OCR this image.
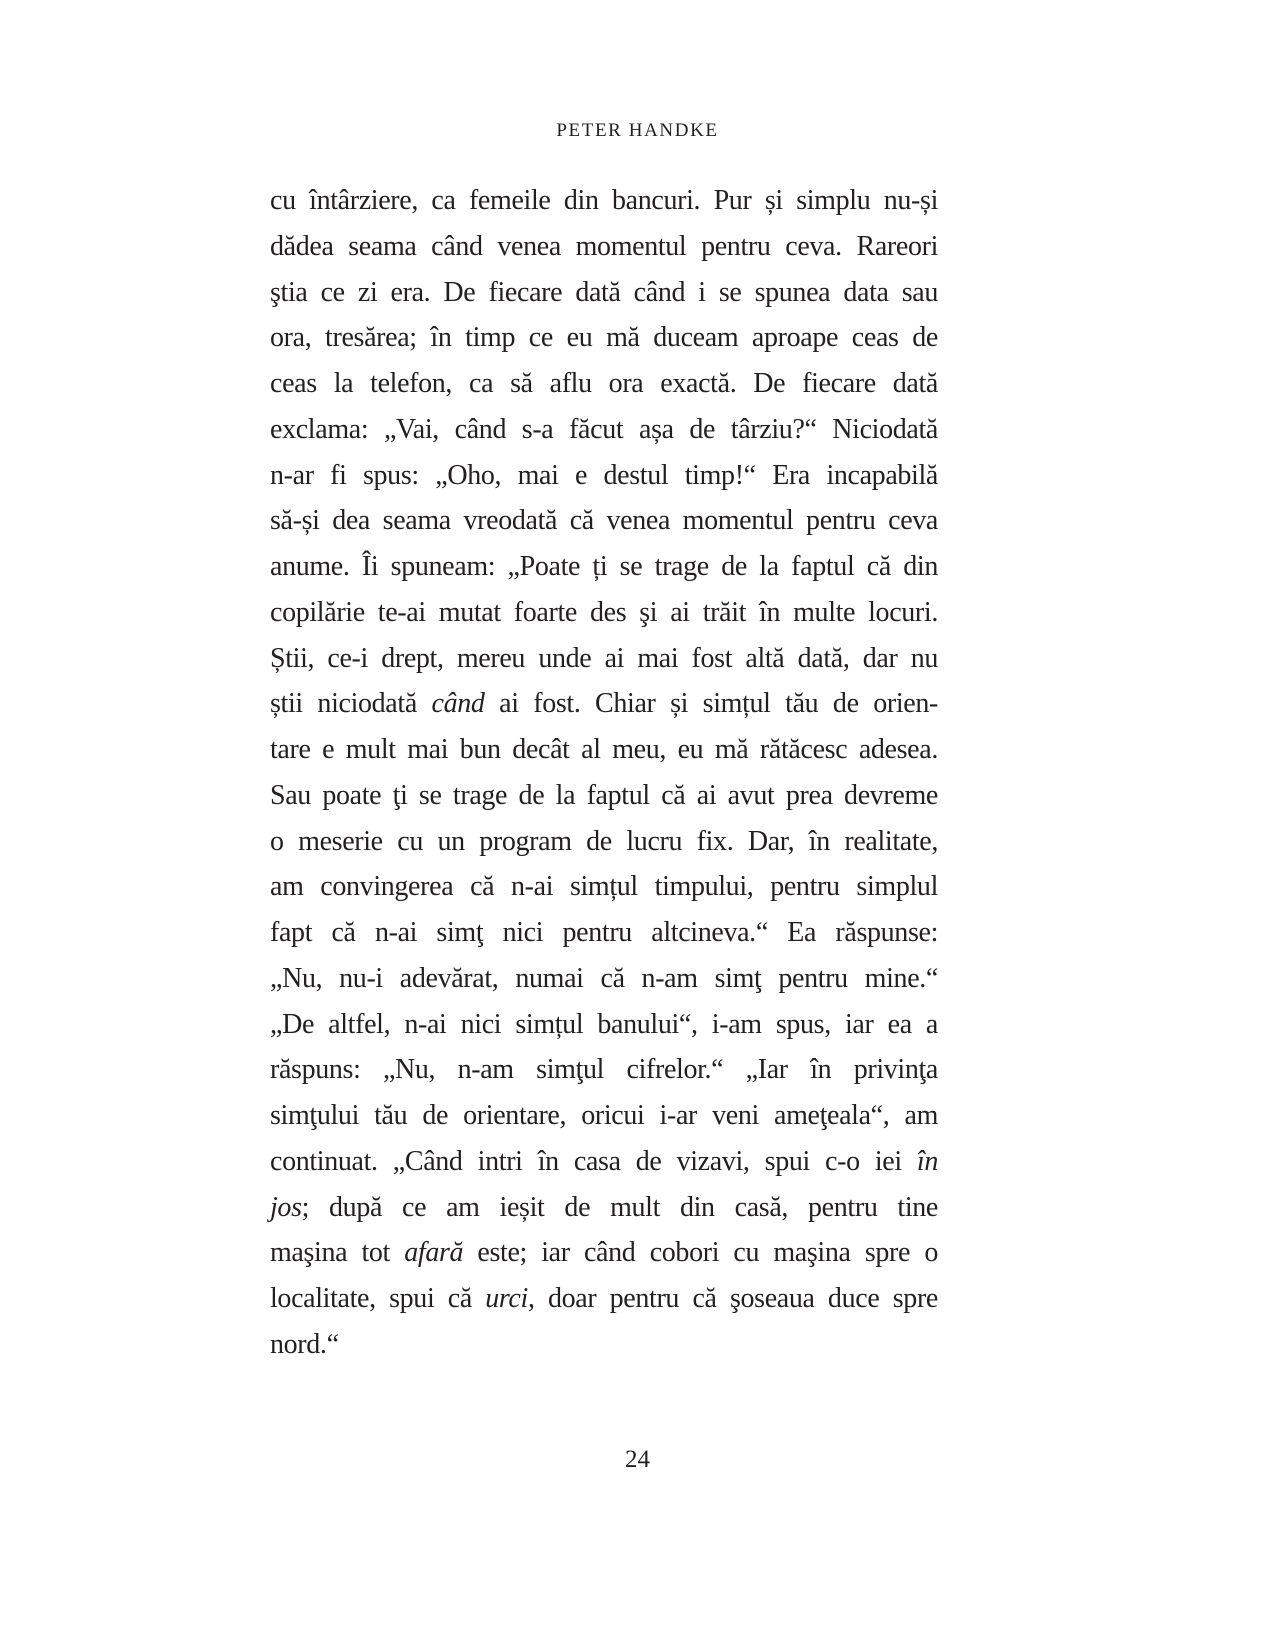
PETER HANDKE
cu întârziere, ca femeile din bancuri. Pur și simplu nu-și
dădea seama când venea momentul pentru ceva. Rareori
ştia ce zi era. De fiecare dată când i se spunea data sau
ora, tresărea; în timp ce eu mă duceam aproape ceas de
ceas la telefon, ca să aflu ora exactă. De fiecare dată
exclama: „Vai, când s-a făcut așa de târziu?“ Niciodată
n-ar fi spus: „Oho, mai e destul timp!“ Era incapabilă
să-și dea seama vreodată că venea momentul pentru ceva
anume. Îi spuneam: „Poate ți se trage de la faptul că din
copilărie te-ai mutat foarte des şi ai trăit în multe locuri.
Știi, ce-i drept, mereu unde ai mai fost altă dată, dar nu
știi niciodată când ai fost. Chiar și simțul tău de orien-
tare e mult mai bun decât al meu, eu mă rătăcesc adesea.
Sau poate ţi se trage de la faptul că ai avut prea devreme
o meserie cu un program de lucru fix. Dar, în realitate,
am convingerea că n-ai simțul timpului, pentru simplul
fapt că n-ai simţ nici pentru altcineva.“ Ea răspunse:
„Nu, nu-i adevărat, numai că n-am simţ pentru mine.“
„De altfel, n-ai nici simțul banului“, i-am spus, iar ea a
răspuns: „Nu, n-am simţul cifrelor.“ „Iar în privinţa
simţului tău de orientare, oricui i-ar veni ameţeala“, am
continuat. „Când intri în casa de vizavi, spui c-o iei în
jos; după ce am ieșit de mult din casă, pentru tine
maşina tot afară este; iar când cobori cu maşina spre o
localitate, spui că urci, doar pentru că şoseaua duce spre
nord.“
24
